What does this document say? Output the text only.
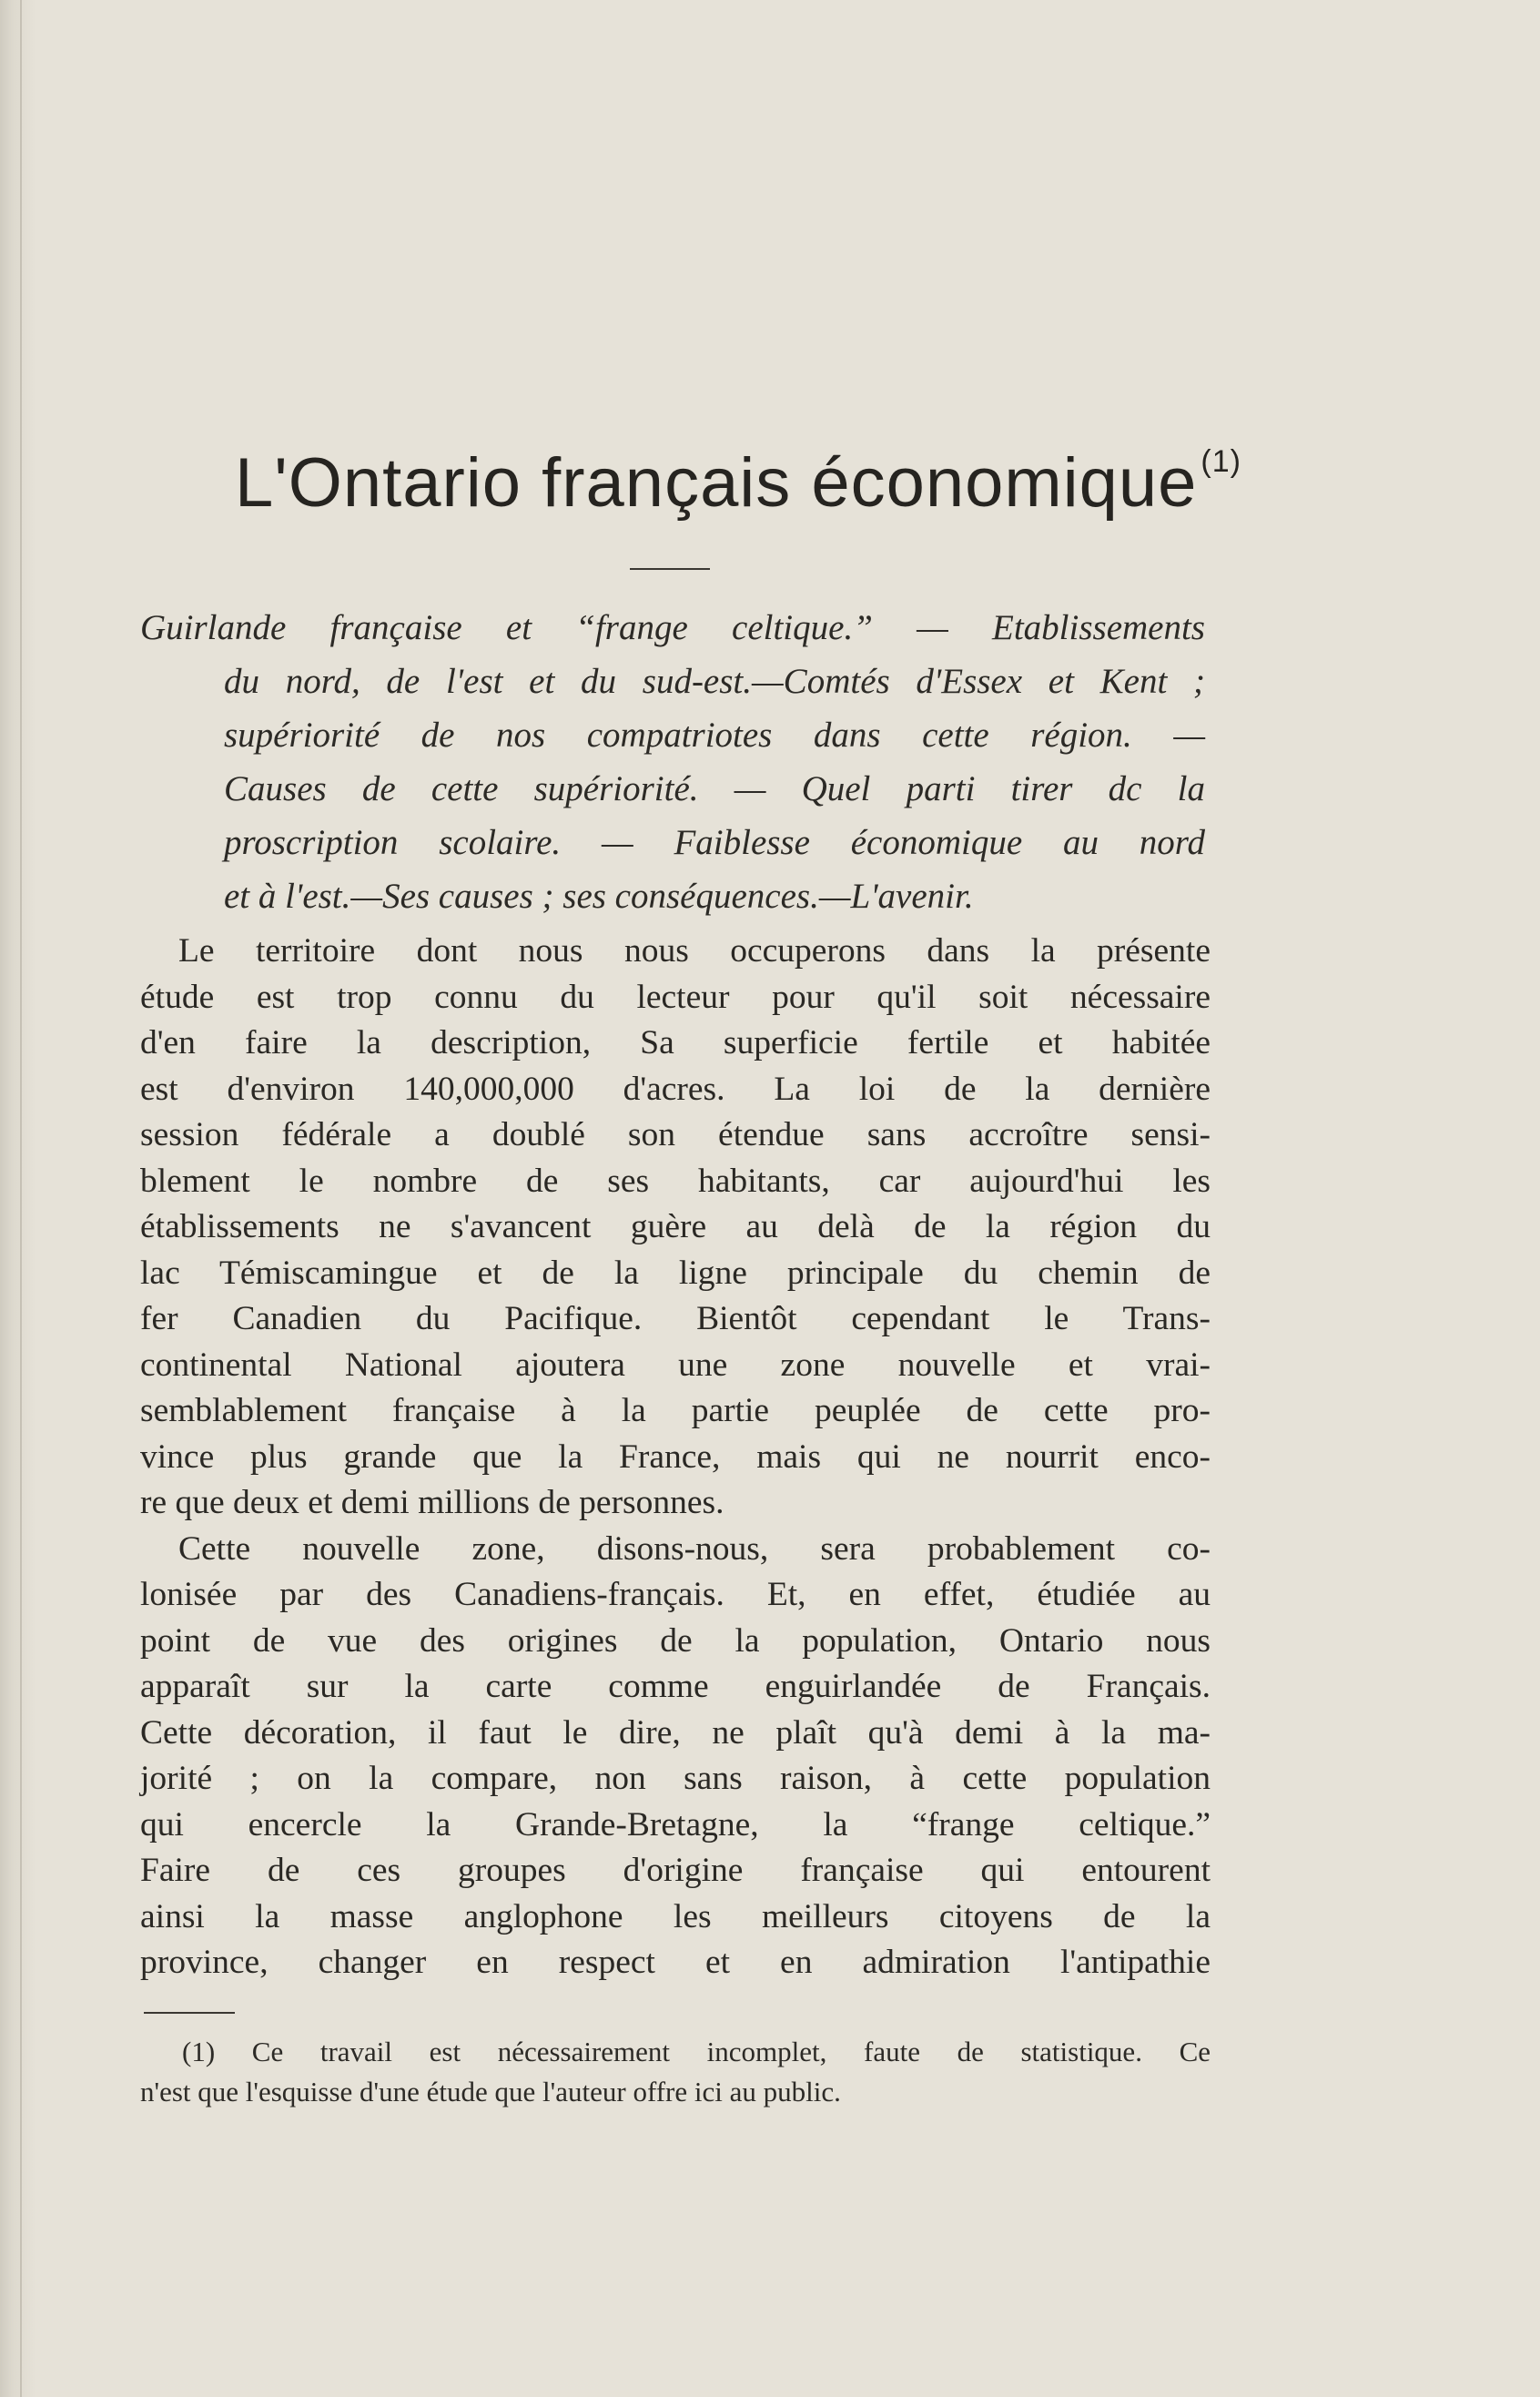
L'Ontario français économique $^{(1)}$
Guirlande française et “frange celtique.” — Etablissements
du nord, de l'est et du sud-est.—Comtés d'Essex et Kent ;
supériorité de nos compatriotes dans cette région. —
Causes de cette supériorité. — Quel parti tirer dc la
proscription scolaire. — Faiblesse économique au nord
et à l'est.—Ses causes ; ses conséquences.—L'avenir.
Le territoire dont nous nous occuperons dans la présente
étude est trop connu du lecteur pour qu'il soit nécessaire
d'en faire la description, Sa superficie fertile et habitée
est d'environ 140,000,000 d'acres. La loi de la dernière
session fédérale a doublé son étendue sans accroître sensi-
blement le nombre de ses habitants, car aujourd'hui les
établissements ne s'avancent guère au delà de la région du
lac Témiscamingue et de la ligne principale du chemin de
fer Canadien du Pacifique. Bientôt cependant le Trans-
continental National ajoutera une zone nouvelle et vrai-
semblablement française à la partie peuplée de cette pro-
vince plus grande que la France, mais qui ne nourrit enco-
re que deux et demi millions de personnes.
Cette nouvelle zone, disons-nous, sera probablement co-
lonisée par des Canadiens-français. Et, en effet, étudiée au
point de vue des origines de la population, Ontario nous
apparaît sur la carte comme enguirlandée de Français.
Cette décoration, il faut le dire, ne plaît qu'à demi à la ma-
jorité ; on la compare, non sans raison, à cette population
qui encercle la Grande-Bretagne, la “frange celtique.”
Faire de ces groupes d'origine française qui entourent
ainsi la masse anglophone les meilleurs citoyens de la
province, changer en respect et en admiration l'antipathie
(1) Ce travail est nécessairement incomplet, faute de statistique. Ce
n'est que l'esquisse d'une étude que l'auteur offre ici au public.
